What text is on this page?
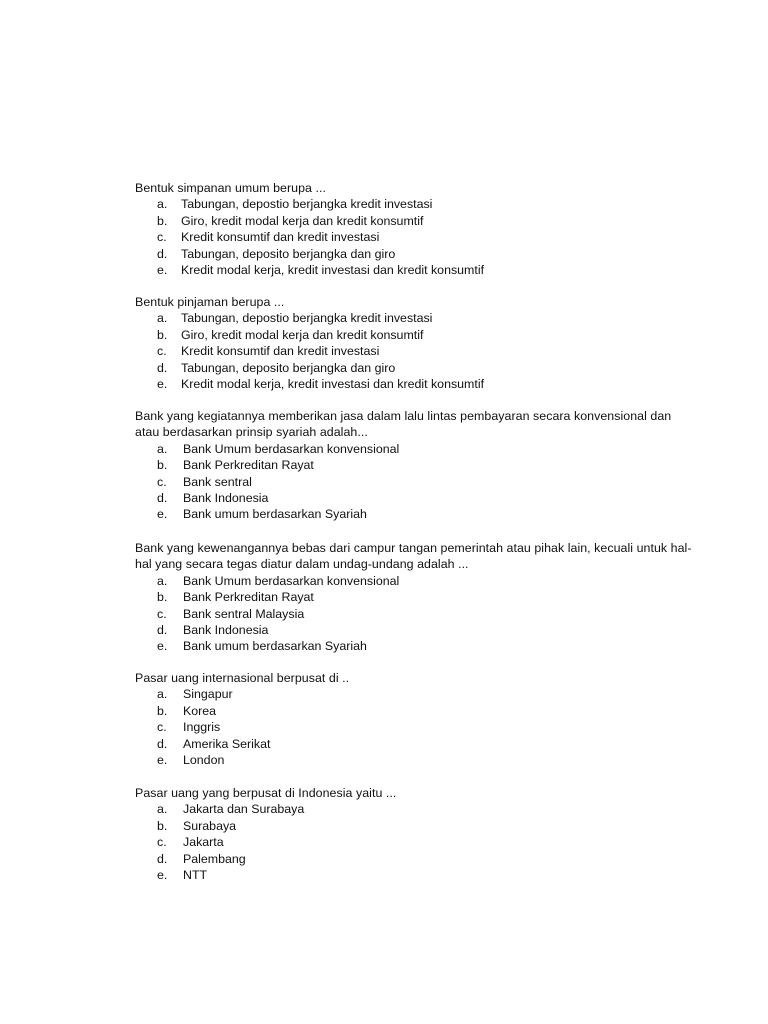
Bentuk simpanan umum berupa ...

a.	Tabungan, depostio berjangka kredit investasi
b.	Giro, kredit modal kerja dan kredit konsumtif
c.	Kredit konsumtif dan kredit investasi
d.	Tabungan, deposito berjangka dan giro
e.	Kredit modal kerja, kredit investasi dan kredit konsumtif

Bentuk pinjaman berupa ...

a.	Tabungan, depostio berjangka kredit investasi
b.	Giro, kredit modal kerja dan kredit konsumtif
c.	Kredit konsumtif dan kredit investasi
d.	Tabungan, deposito berjangka dan giro
e.	Kredit modal kerja, kredit investasi dan kredit konsumtif

Bank yang kegiatannya memberikan jasa dalam lalu lintas pembayaran secara konvensional dan atau berdasarkan prinsip syariah adalah...

a.	Bank Umum berdasarkan konvensional
b.	Bank Perkreditan Rayat
c.	Bank sentral
d.	Bank Indonesia
e.	Bank umum berdasarkan Syariah

Bank yang kewenangannya bebas dari campur tangan pemerintah atau pihak lain, kecuali untuk hal-hal yang secara tegas diatur dalam undag-undang adalah ...

a.	Bank Umum berdasarkan konvensional
b.	Bank Perkreditan Rayat
c.	Bank sentral Malaysia
d.	Bank Indonesia
e.	Bank umum berdasarkan Syariah

Pasar uang internasional berpusat di ..

a.	Singapur
b.	Korea
c.	Inggris
d.	Amerika Serikat
e.	London

Pasar uang yang berpusat di Indonesia yaitu ...

a.	Jakarta dan Surabaya
b.	Surabaya
c.	Jakarta
d.	Palembang
e.	NTT
